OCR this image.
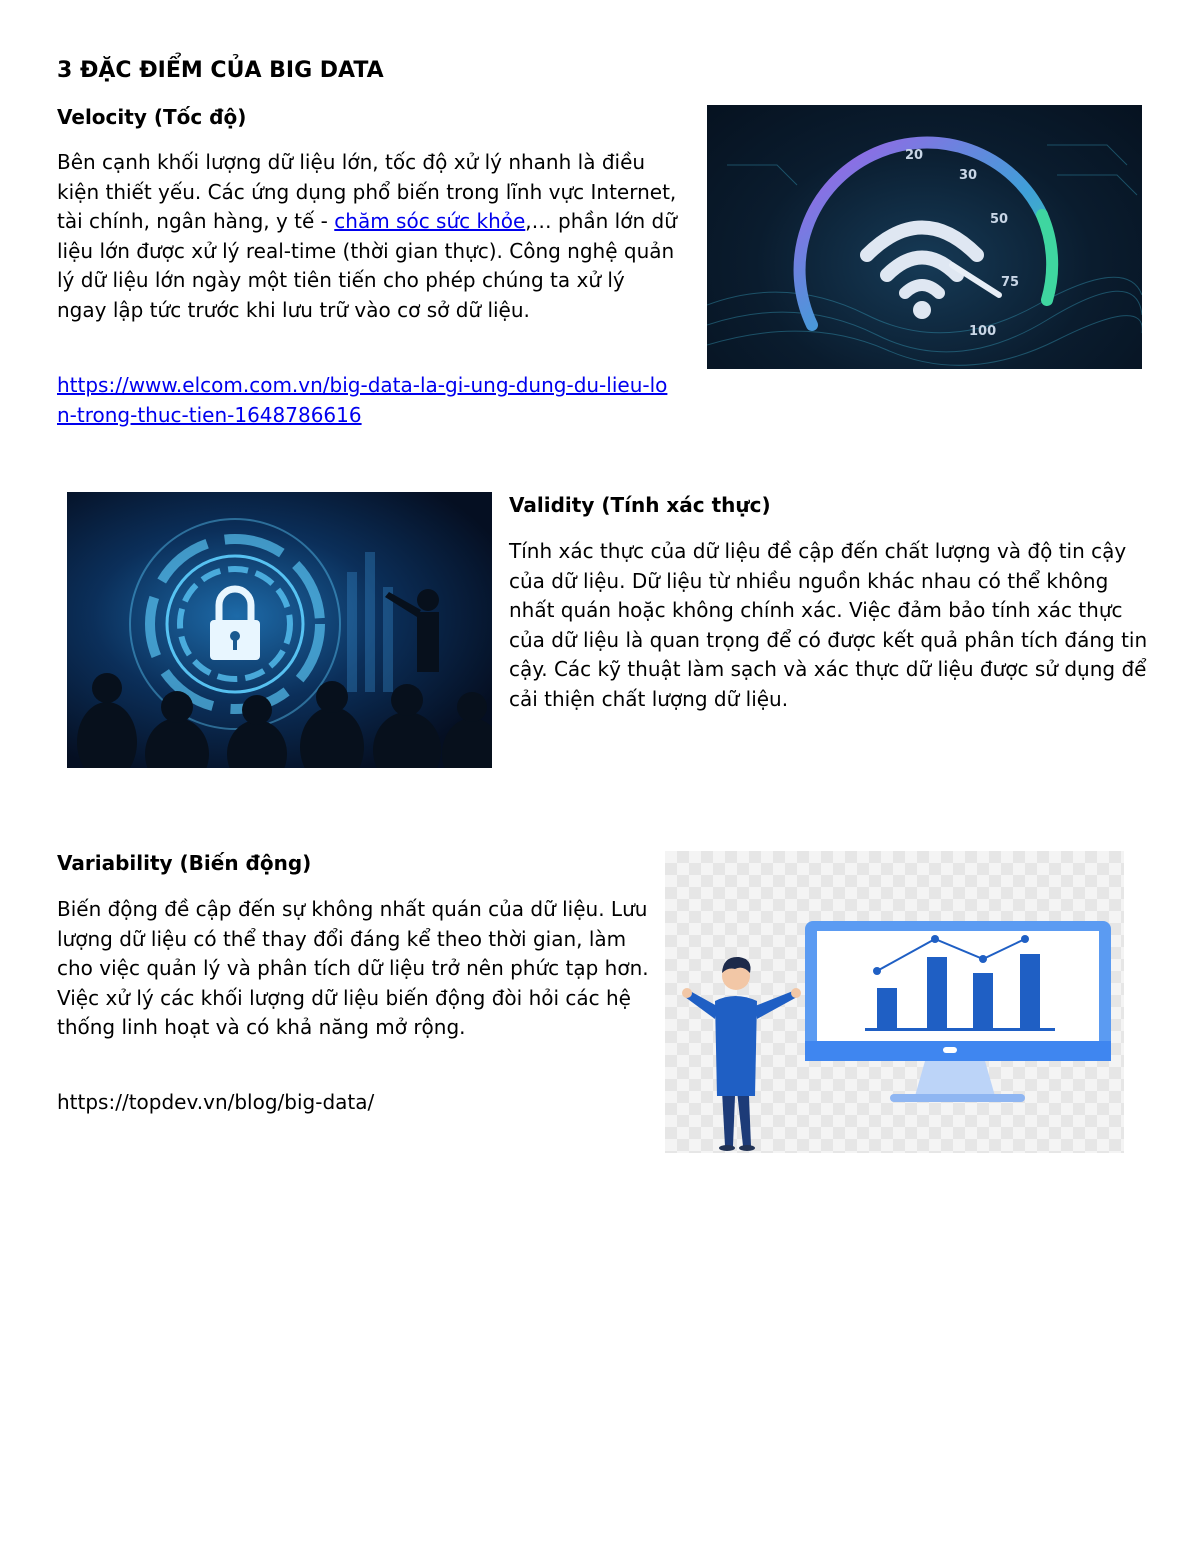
3 ĐẶC ĐIỂM CỦA BIG DATA
Velocity (Tốc độ)

Bên cạnh khối lượng dữ liệu lớn, tốc độ xử lý nhanh là điều kiện thiết yếu. Các ứng dụng phổ biến trong lĩnh vực Internet, tài chính, ngân hàng, y tế - chăm sóc sức khỏe,… phần lớn dữ liệu lớn được xử lý real-time (thời gian thực). Công nghệ quản lý dữ liệu lớn ngày một tiên tiến cho phép chúng ta xử lý ngay lập tức trước khi lưu trữ vào cơ sở dữ liệu.

https://www.elcom.com.vn/big-data-la-gi-ung-dung-du-lieu-lon-trong-thuc-tien-1648786616

20
30
50
75
100
Validity (Tính xác thực)

Tính xác thực của dữ liệu đề cập đến chất lượng và độ tin cậy của dữ liệu. Dữ liệu từ nhiều nguồn khác nhau có thể không nhất quán hoặc không chính xác. Việc đảm bảo tính xác thực của dữ liệu là quan trọng để có được kết quả phân tích đáng tin cậy. Các kỹ thuật làm sạch và xác thực dữ liệu được sử dụng để cải thiện chất lượng dữ liệu.

Variability (Biến động)

Biến động đề cập đến sự không nhất quán của dữ liệu. Lưu lượng dữ liệu có thể thay đổi đáng kể theo thời gian, làm cho việc quản lý và phân tích dữ liệu trở nên phức tạp hơn. Việc xử lý các khối lượng dữ liệu biến động đòi hỏi các hệ thống linh hoạt và có khả năng mở rộng.

https://topdev.vn/blog/big-data/
